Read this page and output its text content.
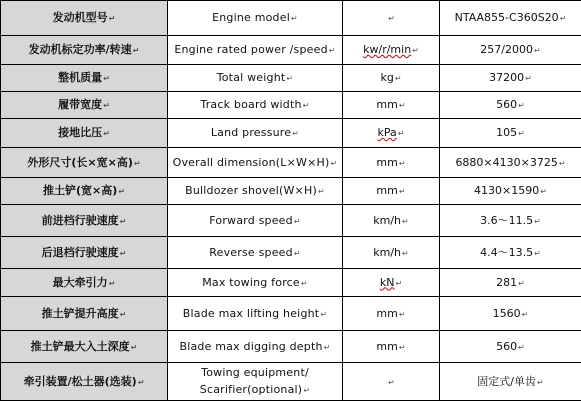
发动机型号↵	Engine model↵	↵	NTAA855-C360S20↵
发动机标定功率/转速↵	Engine rated power /speed↵	kw/r/min↵	257/2000↵
整机质量↵	Total weight↵	kg↵	37200↵
履带宽度↵	Track board width↵	mm↵	560↵
接地比压↵	Land pressure↵	kPa↵	105↵
外形尺寸(长×宽×高)↵	Overall dimension(L×W×H)↵	mm↵	6880×4130×3725↵
推土铲(宽×高)↵	Bulldozer shovel(W×H)↵	mm↵	4130×1590↵
前进档行驶速度↵	Forward speed↵	km/h↵	3.6～11.5↵
后退档行驶速度↵	Reverse speed↵	km/h↵	4.4～13.5↵
最大牵引力↵	Max towing force↵	kN↵	281↵
推土铲提升高度↵	Blade max lifting height↵	mm↵	1560↵
推土铲最大入土深度↵	Blade max digging depth↵	mm↵	560↵
牵引装置/松土器(选装)↵	Towing equipment/ Scarifier(optional)↵	↵	固定式/单齿↵
